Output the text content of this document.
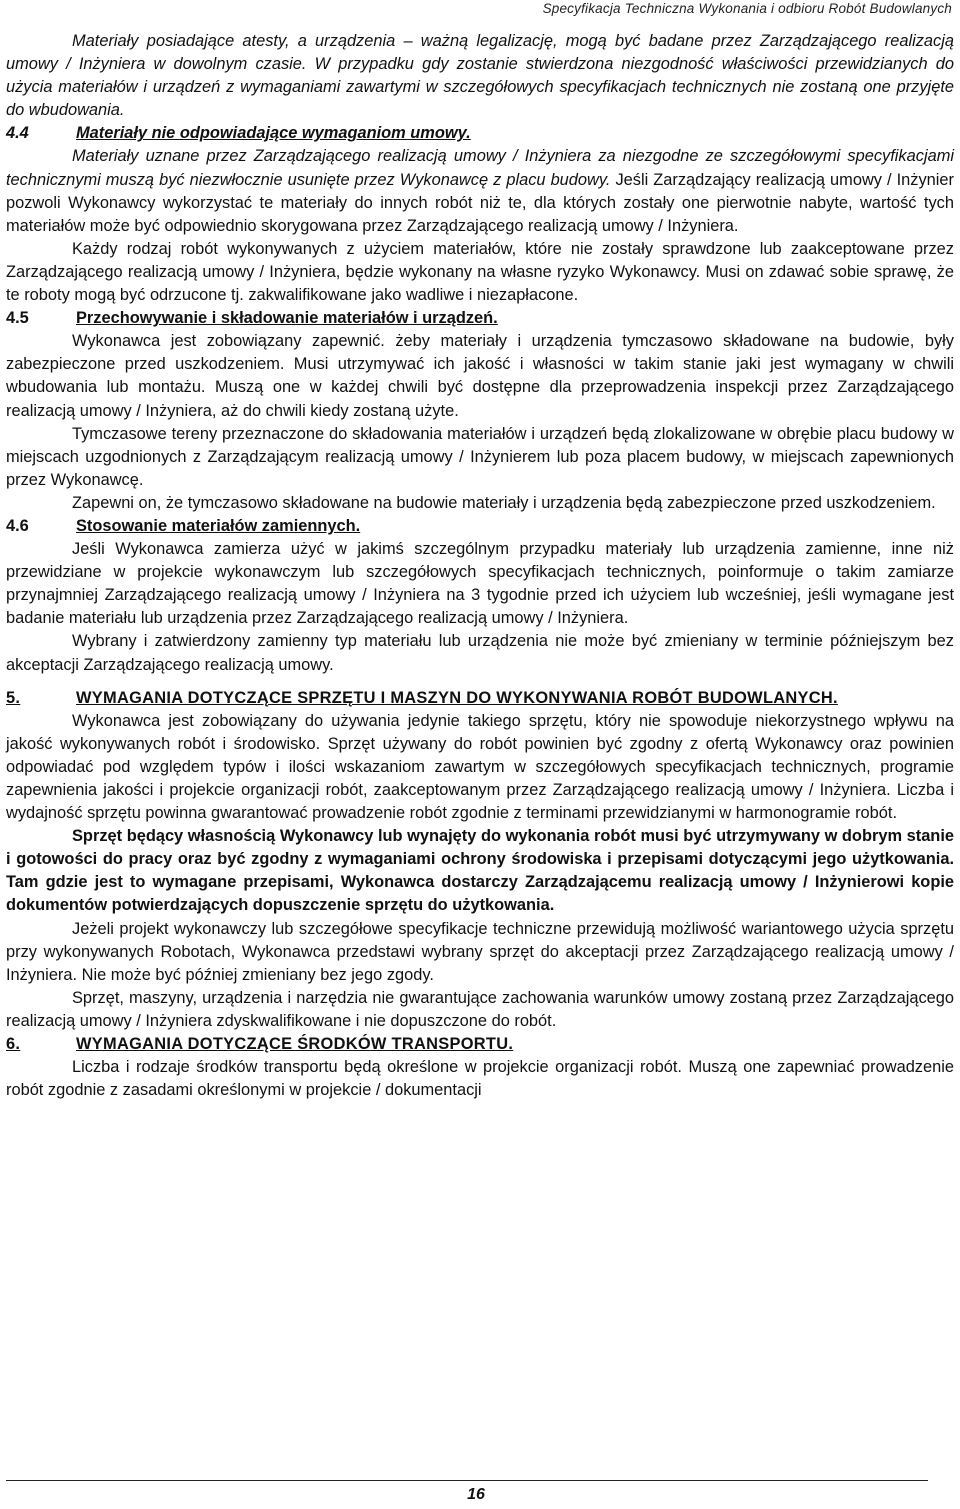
Specyfikacja Techniczna Wykonania i odbioru Robót Budowlanych

Materiały posiadające atesty, a urządzenia – ważną legalizację, mogą być badane przez Zarządzającego realizacją umowy / Inżyniera w dowolnym czasie. W przypadku gdy zostanie stwierdzona niezgodność właściwości przewidzianych do użycia materiałów i urządzeń z wymaganiami zawartymi w szczegółowych specyfikacjach technicznych nie zostaną one przyjęte do wbudowania.

4.4	Materiały nie odpowiadające wymaganiom umowy.

Materiały uznane przez Zarządzającego realizacją umowy / Inżyniera za niezgodne ze szczegółowymi specyfikacjami technicznymi muszą być niezwłocznie usunięte przez Wykonawcę z placu budowy. Jeśli Zarządzający realizacją umowy / Inżynier pozwoli Wykonawcy wykorzystać te materiały do innych robót niż te, dla których zostały one pierwotnie nabyte, wartość tych materiałów może być odpowiednio skorygowana przez Zarządzającego realizacją umowy / Inżyniera.

Każdy rodzaj robót wykonywanych z użyciem materiałów, które nie zostały sprawdzone lub zaakceptowane przez Zarządzającego realizacją umowy / Inżyniera, będzie wykonany na własne ryzyko Wykonawcy. Musi on zdawać sobie sprawę, że te roboty mogą być odrzucone tj. zakwalifikowane jako wadliwe i niezapłacone.

4.5	Przechowywanie i składowanie materiałów i urządzeń.

Wykonawca jest zobowiązany zapewnić. żeby materiały i urządzenia tymczasowo składowane na budowie, były zabezpieczone przed uszkodzeniem. Musi utrzymywać ich jakość i własności w takim stanie jaki jest wymagany w chwili wbudowania lub montażu. Muszą one w każdej chwili być dostępne dla przeprowadzenia inspekcji przez Zarządzającego realizacją umowy / Inżyniera, aż do chwili kiedy zostaną użyte.

Tymczasowe tereny przeznaczone do składowania materiałów i urządzeń będą zlokalizowane w obrębie placu budowy w miejscach uzgodnionych z Zarządzającym realizacją umowy / Inżynierem lub poza placem budowy, w miejscach zapewnionych przez Wykonawcę.

Zapewni on, że tymczasowo składowane na budowie materiały i urządzenia będą zabezpieczone przed uszkodzeniem.

4.6	Stosowanie materiałów zamiennych.

Jeśli Wykonawca zamierza użyć w jakimś szczególnym przypadku materiały lub urządzenia zamienne, inne niż przewidziane w projekcie wykonawczym lub szczegółowych specyfikacjach technicznych, poinformuje o takim zamiarze przynajmniej Zarządzającego realizacją umowy / Inżyniera na 3 tygodnie przed ich użyciem lub wcześniej, jeśli wymagane jest badanie materiału lub urządzenia przez Zarządzającego realizacją umowy / Inżyniera.

Wybrany i zatwierdzony zamienny typ materiału lub urządzenia nie może być zmieniany w terminie późniejszym bez akceptacji Zarządzającego realizacją umowy.

5.	WYMAGANIA DOTYCZĄCE SPRZĘTU I MASZYN DO WYKONYWANIA ROBÓT BUDOWLANYCH.

Wykonawca jest zobowiązany do używania jedynie takiego sprzętu, który nie spowoduje niekorzystnego wpływu na jakość wykonywanych robót i środowisko. Sprzęt używany do robót powinien być zgodny z ofertą Wykonawcy oraz powinien odpowiadać pod względem typów i ilości wskazaniom zawartym w szczegółowych specyfikacjach technicznych, programie zapewnienia jakości i projekcie organizacji robót, zaakceptowanym przez Zarządzającego realizacją umowy / Inżyniera. Liczba i wydajność sprzętu powinna gwarantować prowadzenie robót zgodnie z terminami przewidzianymi w harmonogramie robót.

Sprzęt będący własnością Wykonawcy lub wynajęty do wykonania robót musi być utrzymywany w dobrym stanie i gotowości do pracy oraz być zgodny z wymaganiami ochrony środowiska i przepisami dotyczącymi jego użytkowania. Tam gdzie jest to wymagane przepisami, Wykonawca dostarczy Zarządzającemu realizacją umowy / Inżynierowi kopie dokumentów potwierdzających dopuszczenie sprzętu do użytkowania.

Jeżeli projekt wykonawczy lub szczegółowe specyfikacje techniczne przewidują możliwość wariantowego użycia sprzętu przy wykonywanych Robotach, Wykonawca przedstawi wybrany sprzęt do akceptacji przez Zarządzającego realizacją umowy / Inżyniera. Nie może być później zmieniany bez jego zgody.

Sprzęt, maszyny, urządzenia i narzędzia nie gwarantujące zachowania warunków umowy zostaną przez Zarządzającego realizacją umowy / Inżyniera zdyskwalifikowane i nie dopuszczone do robót.

6.	WYMAGANIA DOTYCZĄCE ŚRODKÓW TRANSPORTU.

Liczba i rodzaje środków transportu będą określone w projekcie organizacji robót. Muszą one zapewniać prowadzenie robót zgodnie z zasadami określonymi w projekcie / dokumentacji

16
